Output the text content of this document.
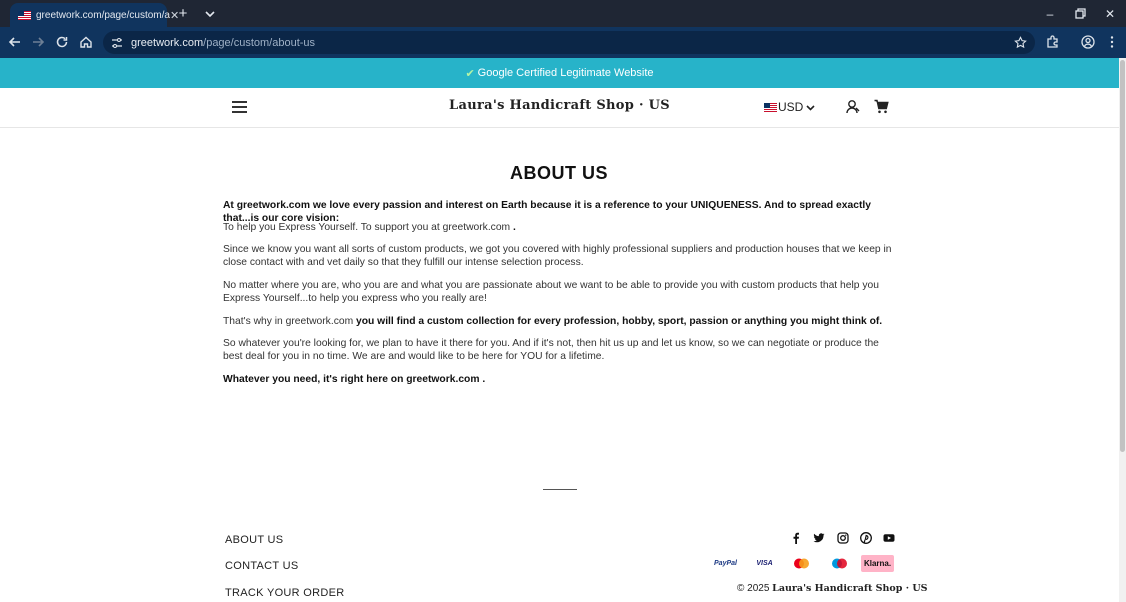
greetwork.com/page/custom/a ✕ +	–	✕
greetwork.com/page/custom/about-us
✔ Google Certified Legitimate Website
Laura's Handicraft Shop · US	USD
ABOUT US

At greetwork.com we love every passion and interest on Earth because it is a reference to your UNIQUENESS. And to spread exactly that...is our core vision:

To help you Express Yourself. To support you at greetwork.com .

Since we know you want all sorts of custom products, we got you covered with highly professional suppliers and production houses that we keep in close contact with and vet daily so that they fulfill our intense selection process.

No matter where you are, who you are and what you are passionate about we want to be able to provide you with custom products that help you Express Yourself...to help you express who you really are!

That's why in greetwork.com you will find a custom collection for every profession, hobby, sport, passion or anything you might think of.

So whatever you're looking for, we plan to have it there for you. And if it's not, then hit us up and let us know, so we can negotiate or produce the best deal for you in no time. We are and would like to be here for YOU for a lifetime.

Whatever you need, it's right here on greetwork.com .

ABOUT US
CONTACT US
TRACK YOUR ORDER
PayPal	VISA	Klarna.
© 2025 Laura's Handicraft Shop · US
